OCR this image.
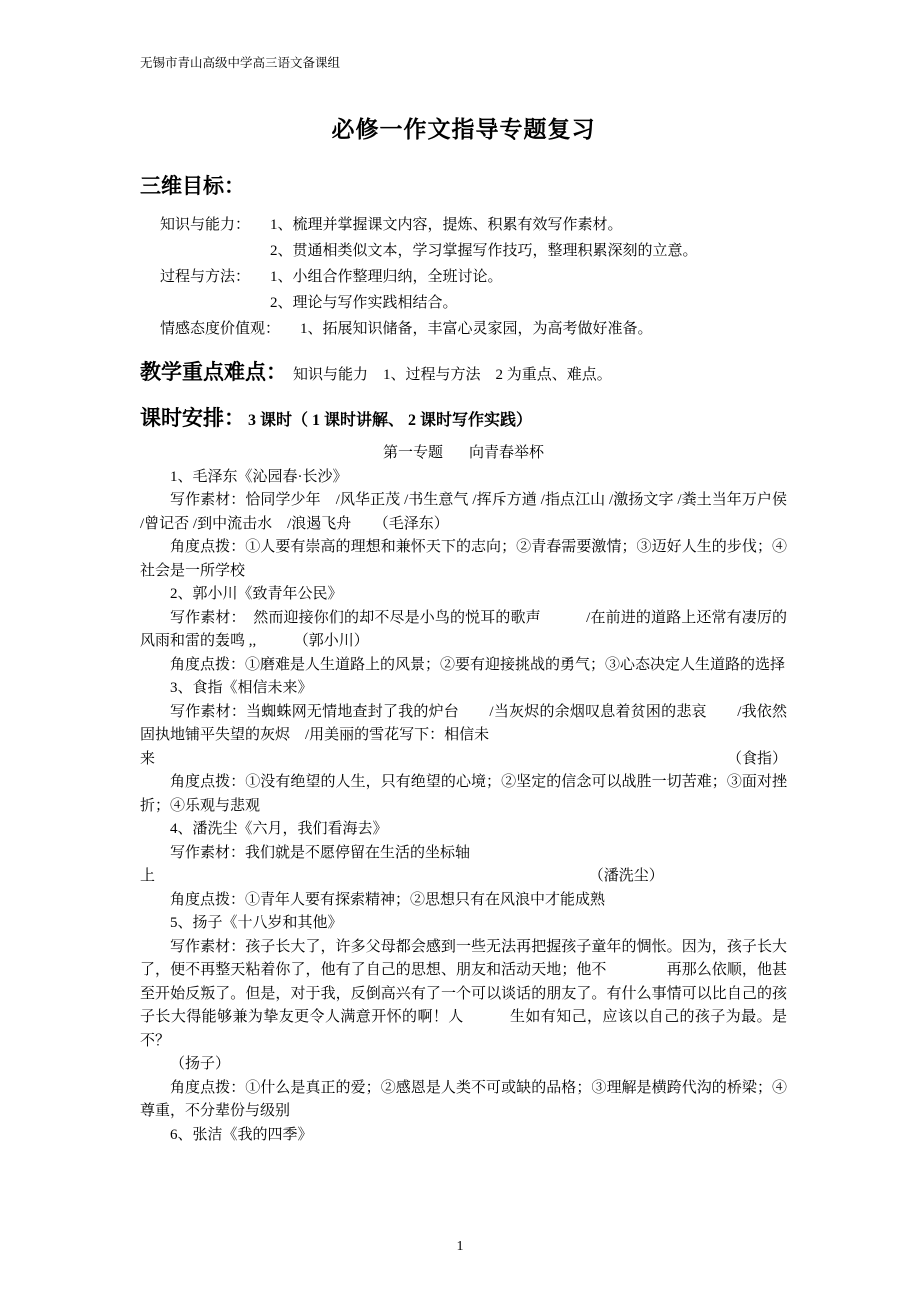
无锡市青山高级中学高三语文备课组
必修一作文指导专题复习
三维目标：
知识与能力： 1、梳理并掌握课文内容，提炼、积累有效写作素材。
2、贯通相类似文本，学习掌握写作技巧，整理积累深刻的立意。
过程与方法： 1、小组合作整理归纳，全班讨论。
2、理论与写作实践相结合。
情感态度价值观： 1、拓展知识储备，丰富心灵家园，为高考做好准备。
教学重点难点： 知识与能力　1、过程与方法　2 为重点、难点。
课时安排： 3 课时（ 1 课时讲解、 2 课时写作实践）
第一专题 向青春举杯

1、毛泽东《沁园春·长沙》

写作素材：恰同学少年　/风华正茂 /书生意气 /挥斥方遒 /指点江山 /激扬文字 /粪土当年万户侯 /曾记否 /到中流击水　/浪遏飞舟　　（毛泽东）

角度点拨：①人要有崇高的理想和兼怀天下的志向；②青春需要激情；③迈好人生的步伐；④社会是一所学校

2、郭小川《致青年公民》

写作素材：　然而迎接你们的却不尽是小鸟的悦耳的歌声　　　/在前进的道路上还常有凄厉的风雨和雷的轰鸣 ,,　　　（郭小川）

角度点拨：①磨难是人生道路上的风景；②要有迎接挑战的勇气；③心态决定人生道路的选择

3、食指《相信未来》

写作素材：当蜘蛛网无情地查封了我的炉台　　/当灰烬的余烟叹息着贫困的悲哀　　/我依然固执地铺平失望的灰烬　/用美丽的雪花写下：相信未

来	（食指）

角度点拨：①没有绝望的人生，只有绝望的心境；②坚定的信念可以战胜一切苦难；③面对挫折；④乐观与悲观

4、潘洗尘《六月，我们看海去》

写作素材：我们就是不愿停留在生活的坐标轴

上	（潘洗尘）

角度点拨：①青年人要有探索精神；②思想只有在风浪中才能成熟

5、扬子《十八岁和其他》

写作素材：孩子长大了，许多父母都会感到一些无法再把握孩子童年的惆怅。因为，孩子长大了，便不再整天粘着你了，他有了自己的思想、朋友和活动天地；他不　　　　再那么依顺，他甚至开始反叛了。但是，对于我，反倒高兴有了一个可以谈话的朋友了。有什么事情可以比自己的孩子长大得能够兼为挚友更令人满意开怀的啊！人　　　生如有知己，应该以自己的孩子为最。是不？

（扬子）

角度点拨：①什么是真正的爱；②感恩是人类不可或缺的品格；③理解是横跨代沟的桥梁；④尊重，不分辈份与级别

6、张洁《我的四季》

1
